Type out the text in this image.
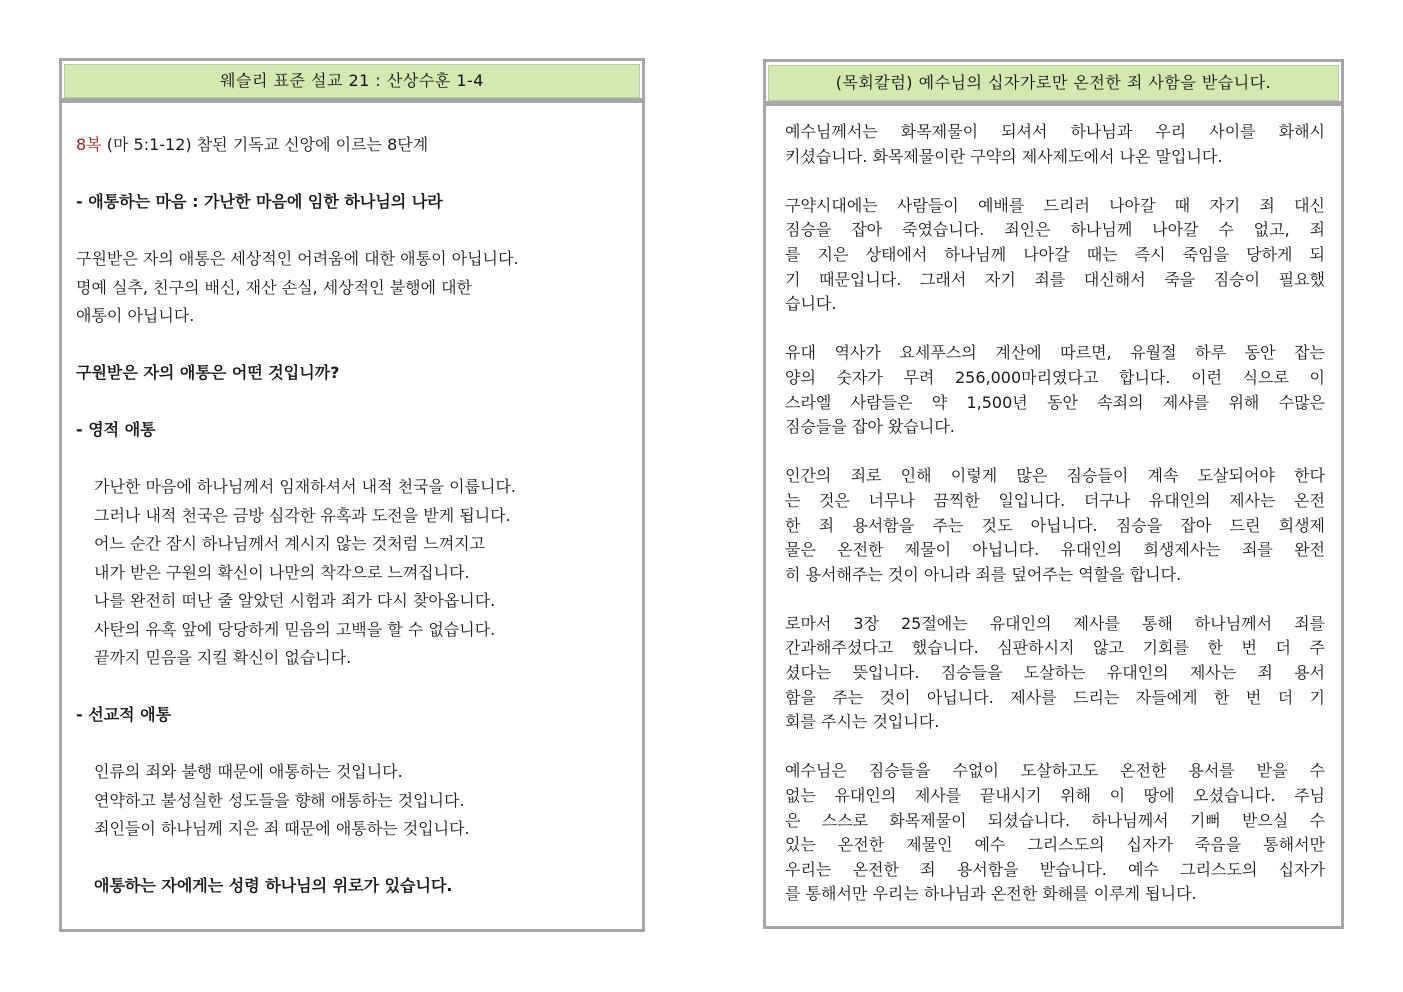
웨슬리 표준 설교 21 : 산상수훈 1-4

8복 (마 5:1-12) 참된 기독교 신앙에 이르는 8단계

- 애통하는 마음 : 가난한 마음에 임한 하나님의 나라

구원받은 자의 애통은 세상적인 어려움에 대한 애통이 아닙니다.

명예 실추, 친구의 배신, 재산 손실, 세상적인 불행에 대한

애통이 아닙니다.

구원받은 자의 애통은 어떤 것입니까?

- 영적 애통

가난한 마음에 하나님께서 임재하셔서 내적 천국을 이룹니다.

그러나 내적 천국은 금방 심각한 유혹과 도전을 받게 됩니다.

어느 순간 잠시 하나님께서 계시지 않는 것처럼 느껴지고

내가 받은 구원의 확신이 나만의 착각으로 느껴집니다.

나를 완전히 떠난 줄 알았던 시험과 죄가 다시 찾아옵니다.

사탄의 유혹 앞에 당당하게 믿음의 고백을 할 수 없습니다.

끝까지 믿음을 지킬 확신이 없습니다.

- 선교적 애통

인류의 죄와 불행 때문에 애통하는 것입니다.

연약하고 불성실한 성도들을 향해 애통하는 것입니다.

죄인들이 하나님께 지은 죄 때문에 애통하는 것입니다.

애통하는 자에게는 성령 하나님의 위로가 있습니다.

(목회칼럼) 예수님의 십자가로만 온전한 죄 사함을 받습니다.
예수님께서는 화목제물이 되셔서 하나님과 우리 사이를 화해시
키셨습니다. 화목제물이란 구약의 제사제도에서 나온 말입니다.
구약시대에는 사람들이 예배를 드리러 나아갈 때 자기 죄 대신
짐승을 잡아 죽였습니다. 죄인은 하나님께 나아갈 수 없고, 죄
를 지은 상태에서 하나님께 나아갈 때는 즉시 죽임을 당하게 되
기 때문입니다. 그래서 자기 죄를 대신해서 죽을 짐승이 필요했
습니다.
유대 역사가 요세푸스의 계산에 따르면, 유월절 하루 동안 잡는
양의 숫자가 무려 256,000마리였다고 합니다. 이런 식으로 이
스라엘 사람들은 약 1,500년 동안 속죄의 제사를 위해 수많은
짐승들을 잡아 왔습니다.
인간의 죄로 인해 이렇게 많은 짐승들이 계속 도살되어야 한다
는 것은 너무나 끔찍한 일입니다. 더구나 유대인의 제사는 온전
한 죄 용서함을 주는 것도 아닙니다. 짐승을 잡아 드린 희생제
물은 온전한 제물이 아닙니다. 유대인의 희생제사는 죄를 완전
히 용서해주는 것이 아니라 죄를 덮어주는 역할을 합니다.
로마서 3장 25절에는 유대인의 제사를 통해 하나님께서 죄를
간과해주셨다고 했습니다. 심판하시지 않고 기회를 한 번 더 주
셨다는 뜻입니다. 짐승들을 도살하는 유대인의 제사는 죄 용서
함을 주는 것이 아닙니다. 제사를 드리는 자들에게 한 번 더 기
회를 주시는 것입니다.
예수님은 짐승들을 수없이 도살하고도 온전한 용서를 받을 수
없는 유대인의 제사를 끝내시기 위해 이 땅에 오셨습니다. 주님
은 스스로 화목제물이 되셨습니다. 하나님께서 기뻐 받으실 수
있는 온전한 제물인 예수 그리스도의 십자가 죽음을 통해서만
우리는 온전한 죄 용서함을 받습니다. 예수 그리스도의 십자가
를 통해서만 우리는 하나님과 온전한 화해를 이루게 됩니다.
